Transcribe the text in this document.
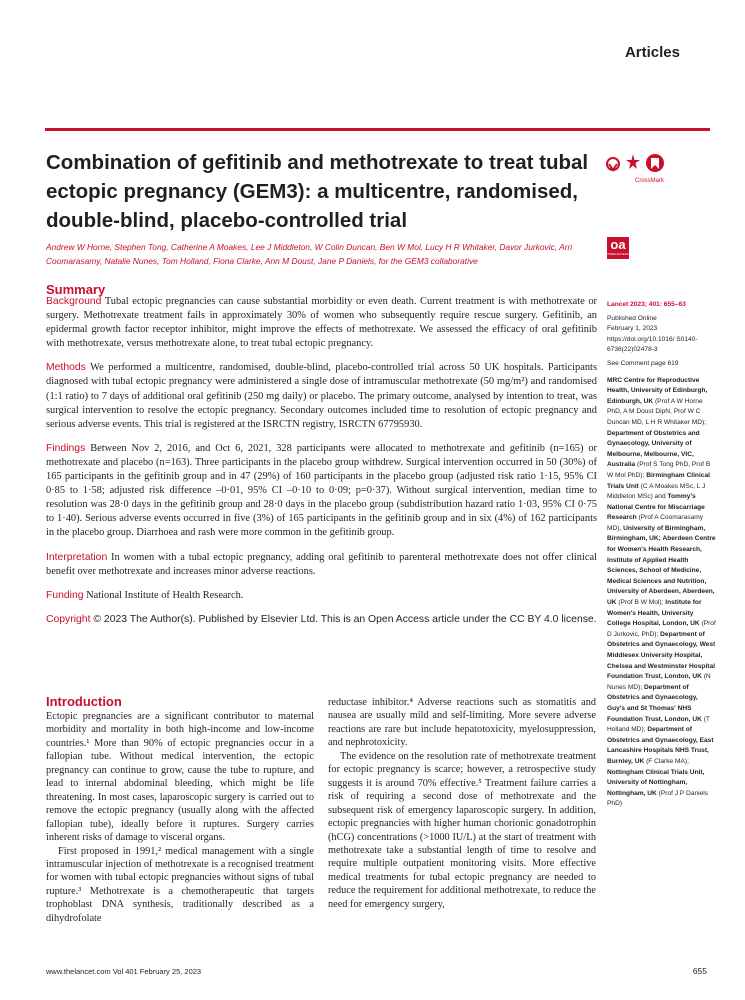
Articles
Combination of gefitinib and methotrexate to treat tubal ectopic pregnancy (GEM3): a multicentre, randomised, double-blind, placebo-controlled trial
CrossMark
oa
OPEN ACCESS
Andrew W Horne, Stephen Tong, Catherine A Moakes, Lee J Middleton, W Colin Duncan, Ben W Mol, Lucy H R Whitaker, Davor Jurkovic, Arri Coomarasamy, Natalie Nunes, Tom Holland, Fiona Clarke, Ann M Doust, Jane P Daniels, for the GEM3 collaborative
Summary

Background Tubal ectopic pregnancies can cause substantial morbidity or even death. Current treatment is with methotrexate or surgery. Methotrexate treatment fails in approximately 30% of women who subsequently require rescue surgery. Gefitinib, an epidermal growth factor receptor inhibitor, might improve the effects of methotrexate. We assessed the efficacy of oral gefitinib with methotrexate, versus methotrexate alone, to treat tubal ectopic pregnancy.

Methods We performed a multicentre, randomised, double-blind, placebo-controlled trial across 50 UK hospitals. Participants diagnosed with tubal ectopic pregnancy were administered a single dose of intramuscular methotrexate (50 mg/m²) and randomised (1:1 ratio) to 7 days of additional oral gefitinib (250 mg daily) or placebo. The primary outcome, analysed by intention to treat, was surgical intervention to resolve the ectopic pregnancy. Secondary outcomes included time to resolution of ectopic pregnancy and serious adverse events. This trial is registered at the ISRCTN registry, ISRCTN 67795930.

Findings Between Nov 2, 2016, and Oct 6, 2021, 328 participants were allocated to methotrexate and gefitinib (n=165) or methotrexate and placebo (n=163). Three participants in the placebo group withdrew. Surgical intervention occurred in 50 (30%) of 165 participants in the gefitinib group and in 47 (29%) of 160 participants in the placebo group (adjusted risk ratio 1·15, 95% CI 0·85 to 1·58; adjusted risk difference –0·01, 95% CI –0·10 to 0·09; p=0·37). Without surgical intervention, median time to resolution was 28·0 days in the gefitinib group and 28·0 days in the placebo group (subdistribution hazard ratio 1·03, 95% CI 0·75 to 1·40). Serious adverse events occurred in five (3%) of 165 participants in the gefitinib group and in six (4%) of 162 participants in the placebo group. Diarrhoea and rash were more common in the gefitinib group.

Interpretation In women with a tubal ectopic pregnancy, adding oral gefitinib to parenteral methotrexate does not offer clinical benefit over methotrexate and increases minor adverse reactions.

Funding National Institute of Health Research.

Copyright © 2023 The Author(s). Published by Elsevier Ltd. This is an Open Access article under the CC BY 4.0 license.

Lancet 2023; 401: 655–63

Published Online

February 1, 2023

https://doi.org/10.1016/ S0140-6736(22)02478-3

See Comment page 619

MRC Centre for Reproductive Health, University of Edinburgh, Edinburgh, UK (Prof A W Horne PhD, A M Doust DipN, Prof W C Duncan MD, L H R Whitaker MD); Department of Obstetrics and Gynaecology, University of Melbourne, Melbourne, VIC, Australia (Prof S Tong PhD, Prof B W Mol PhD); Birmingham Clinical Trials Unit (C A Moakes MSc, L J Middleton MSc) and Tommy's National Centre for Miscarriage Research (Prof A Coomarasamy MD), University of Birmingham, Birmingham, UK; Aberdeen Centre for Women's Health Research, Institute of Applied Health Sciences, School of Medicine, Medical Sciences and Nutrition, University of Aberdeen, Aberdeen, UK (Prof B W Mol); Institute for Women's Health, University College Hospital, London, UK (Prof D Jurkovic, PhD); Department of Obstetrics and Gynaecology, West Middlesex University Hospital, Chelsea and Westminster Hospital Foundation Trust, London, UK (N Nunes MD); Department of Obstetrics and Gynaecology, Guy's and St Thomas' NHS Foundation Trust, London, UK (T Holland MD); Department of Obstetrics and Gynaecology, East Lancashire Hospitals NHS Trust, Burnley, UK (F Clarke MA); Nottingham Clinical Trials Unit, University of Nottingham, Nottingham, UK (Prof J P Daniels PhD)

Introduction

Ectopic pregnancies are a significant contributor to maternal morbidity and mortality in both high-income and low-income countries.¹ More than 90% of ectopic pregnancies occur in a fallopian tube. Without medical intervention, the ectopic pregnancy can continue to grow, cause the tube to rupture, and lead to internal abdominal bleeding, which might be life threatening. In most cases, laparoscopic surgery is carried out to remove the ectopic pregnancy (usually along with the affected fallopian tube), ideally before it ruptures. Surgery carries inherent risks of damage to visceral organs.

First proposed in 1991,² medical management with a single intramuscular injection of methotrexate is a recognised treatment for women with tubal ectopic pregnancies without signs of tubal rupture.³ Methotrexate is a chemotherapeutic that targets trophoblast DNA synthesis, traditionally described as a dihydrofolate

reductase inhibitor.⁴ Adverse reactions such as stomatitis and nausea are usually mild and self-limiting. More severe adverse reactions are rare but include hepatotoxicity, myelosuppression, and nephrotoxicity.

The evidence on the resolution rate of methotrexate treatment for ectopic pregnancy is scarce; however, a retrospective study suggests it is around 70% effective.⁵ Treatment failure carries a risk of requiring a second dose of methotrexate and the subsequent risk of emergency laparoscopic surgery. In addition, ectopic pregnancies with higher human chorionic gonadotrophin (hCG) concentrations (>1000 IU/L) at the start of treatment with methotrexate take a substantial length of time to resolve and require multiple outpatient monitoring visits. More effective medical treatments for tubal ectopic pregnancy are needed to reduce the requirement for additional methotrexate, to reduce the need for emergency surgery,

www.thelancet.com Vol 401 February 25, 2023	655
